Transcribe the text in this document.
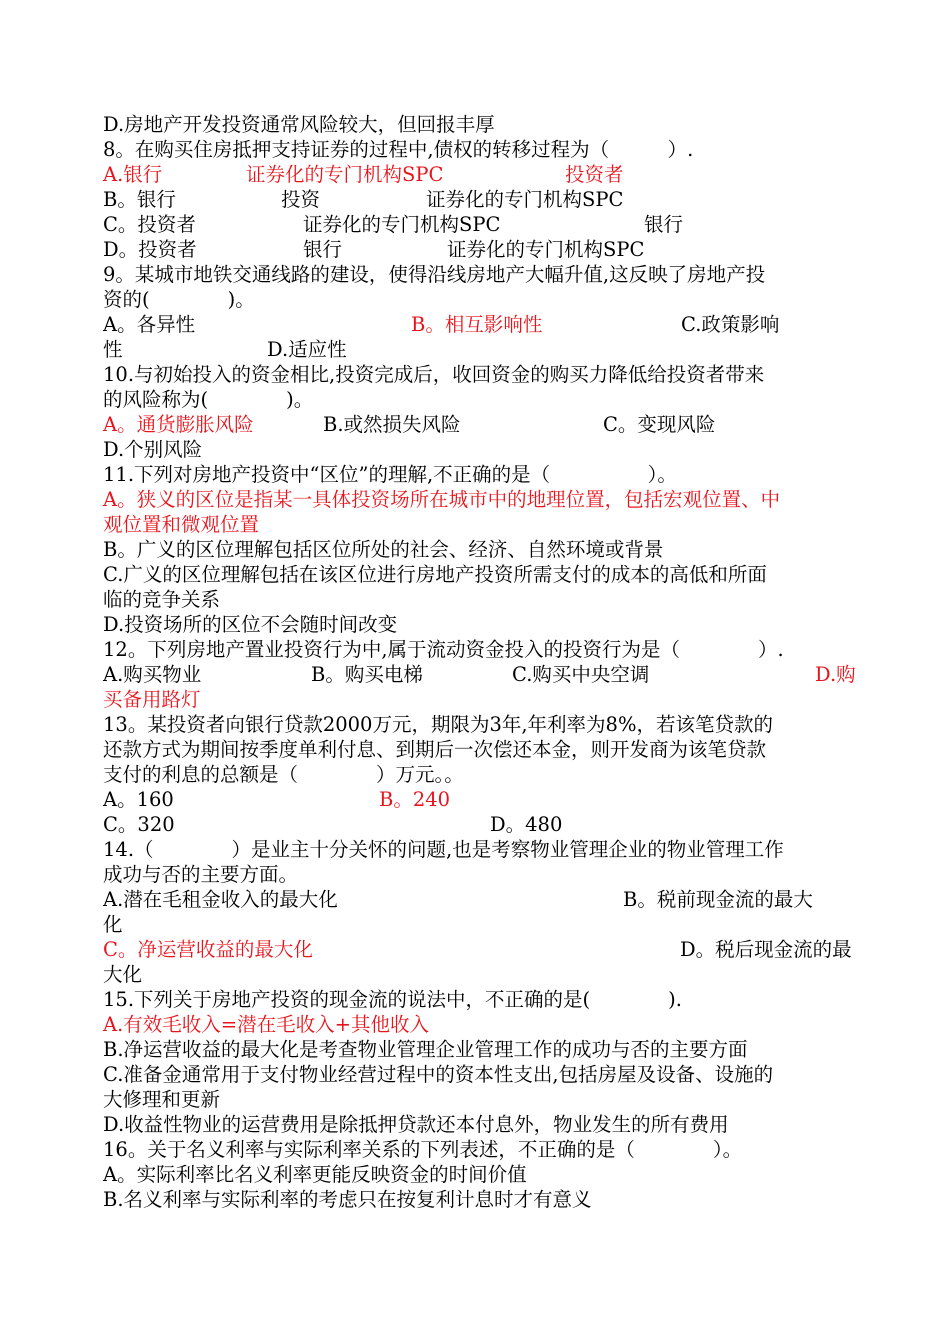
D.房地产开发投资通常风险较大，但回报丰厚
8。在购买住房抵押支持证券的过程中,债权的转移过程为（　　　）.
A.银行	证券化的专门机构SPC	投资者
B。银行	投资	证券化的专门机构SPC
C。投资者	证券化的专门机构SPC	银行
D。投资者	银行	证券化的专门机构SPC
9。某城市地铁交通线路的建设，使得沿线房地产大幅升值,这反映了房地产投
资的(　　　　)。
A。各异性	B。相互影响性	C.政策影响
性	D.适应性
10.与初始投入的资金相比,投资完成后，收回资金的购买力降低给投资者带来
的风险称为(　　　　)。
A。通货膨胀风险	B.或然损失风险	C。变现风险
D.个别风险
11.下列对房地产投资中“区位”的理解,不正确的是（　　　　　）。
A。狭义的区位是指某一具体投资场所在城市中的地理位置，包括宏观位置、中
观位置和微观位置
B。广义的区位理解包括区位所处的社会、经济、自然环境或背景
C.广义的区位理解包括在该区位进行房地产投资所需支付的成本的高低和所面
临的竞争关系
D.投资场所的区位不会随时间改变
12。下列房地产置业投资行为中,属于流动资金投入的投资行为是（　　　　）.
A.购买物业	B。购买电梯	C.购买中央空调	D.购
买备用路灯
13。某投资者向银行贷款2000万元，期限为3年,年利率为8%，若该笔贷款的
还款方式为期间按季度单利付息、到期后一次偿还本金，则开发商为该笔贷款
支付的利息的总额是（　　　　）万元。。
A。160	B。240
C。320	D。480
14.（　　　　）是业主十分关怀的问题,也是考察物业管理企业的物业管理工作
成功与否的主要方面。
A.潜在毛租金收入的最大化	B。税前现金流的最大
化
C。净运营收益的最大化	D。税后现金流的最
大化
15.下列关于房地产投资的现金流的说法中，不正确的是(　　　　).
A.有效毛收入=潜在毛收入+其他收入
B.净运营收益的最大化是考查物业管理企业管理工作的成功与否的主要方面
C.准备金通常用于支付物业经营过程中的资本性支出,包括房屋及设备、设施的
大修理和更新
D.收益性物业的运营费用是除抵押贷款还本付息外，物业发生的所有费用
16。关于名义利率与实际利率关系的下列表述，不正确的是（　　　　）。
A。实际利率比名义利率更能反映资金的时间价值
B.名义利率与实际利率的考虑只在按复利计息时才有意义
